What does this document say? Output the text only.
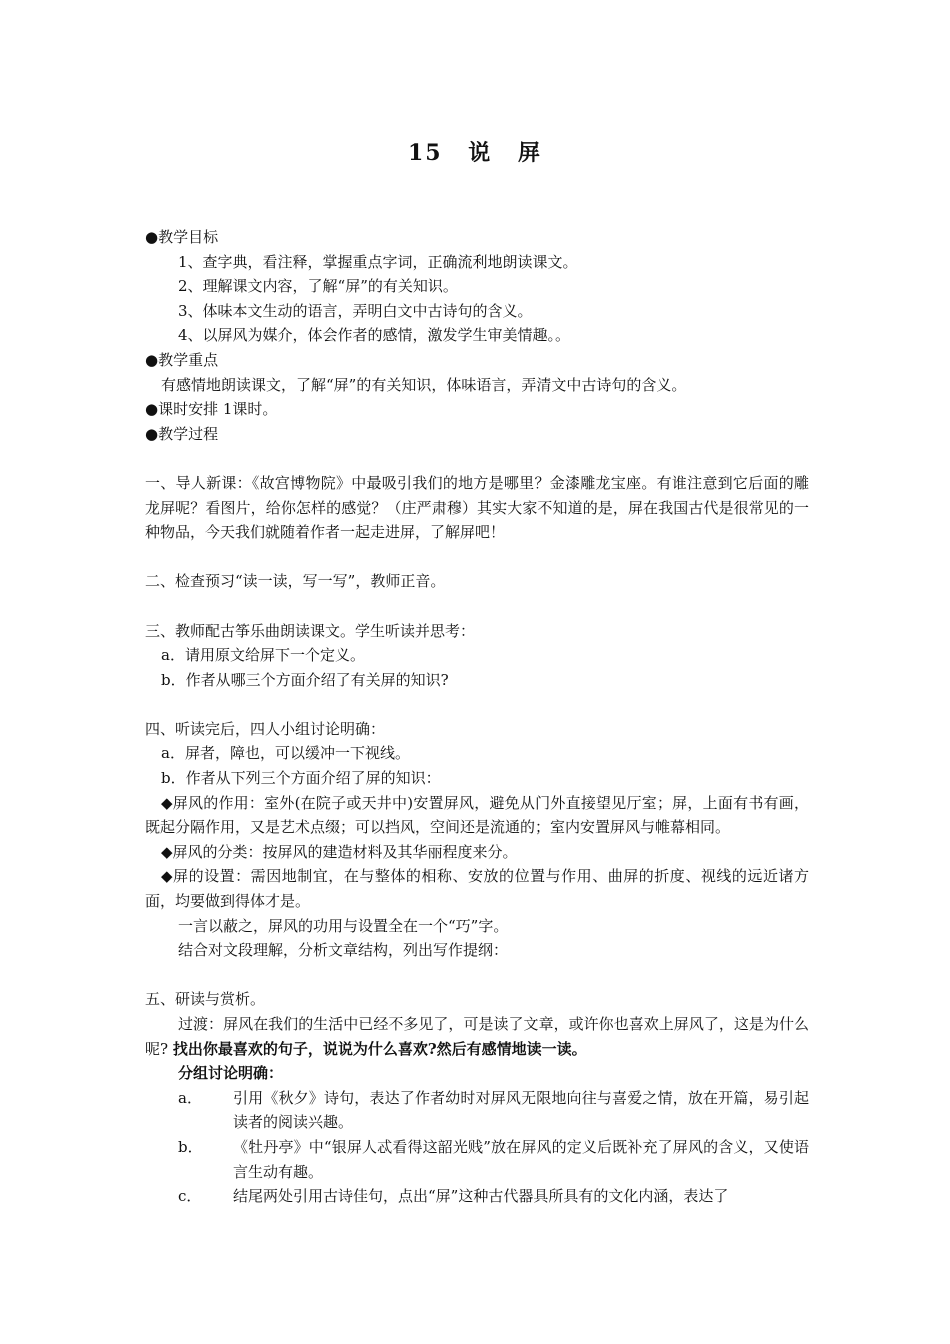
15 说 屏

●教学目标

1、查字典，看注释，掌握重点字词，正确流利地朗读课文。

2、理解课文内容，了解“屏”的有关知识。

3、体味本文生动的语言，弄明白文中古诗句的含义。

4、以屏风为媒介，体会作者的感情，激发学生审美情趣。。

●教学重点

有感情地朗读课文，了解“屏”的有关知识，体味语言，弄清文中古诗句的含义。

●课时安排 1课时。

●教学过程

一、导人新课：《故宫博物院》中最吸引我们的地方是哪里？金漆雕龙宝座。有谁注意到它后面的雕龙屏呢？看图片，给你怎样的感觉？（庄严肃穆）其实大家不知道的是，屏在我国古代是很常见的一种物品，今天我们就随着作者一起走进屏，了解屏吧！

二、检查预习“读一读，写一写”，教师正音。

三、教师配古筝乐曲朗读课文。学生听读并思考：

a．请用原文给屏下一个定义。

b．作者从哪三个方面介绍了有关屏的知识?

四、听读完后，四人小组讨论明确：

a．屏者，障也，可以缓冲一下视线。

b．作者从下列三个方面介绍了屏的知识：

◆屏风的作用：室外(在院子或天井中)安置屏风，避免从门外直接望见厅室；屏，上面有书有画，既起分隔作用，又是艺术点缀；可以挡风，空间还是流通的；室内安置屏风与帷幕相同。

◆屏风的分类：按屏风的建造材料及其华丽程度来分。

◆屏的设置：需因地制宜，在与整体的相称、安放的位置与作用、曲屏的折度、视线的远近诸方面，均要做到得体才是。

一言以蔽之，屏风的功用与设置全在一个“巧”字。

结合对文段理解，分析文章结构，列出写作提纲：

五、研读与赏析。

过渡：屏风在我们的生活中已经不多见了，可是读了文章，或许你也喜欢上屏风了，这是为什么呢? 找出你最喜欢的句子，说说为什么喜欢?然后有感情地读一读。

分组讨论明确：

a．	引用《秋夕》诗句，表达了作者幼时对屏风无限地向往与喜爱之情，放在开篇，易引起读者的阅读兴趣。
b．	《牡丹亭》中“银屏人忒看得这韶光贱”放在屏风的定义后既补充了屏风的含义，又使语言生动有趣。
c．	结尾两处引用古诗佳句，点出“屏”这种古代器具所具有的文化内涵，表达了
